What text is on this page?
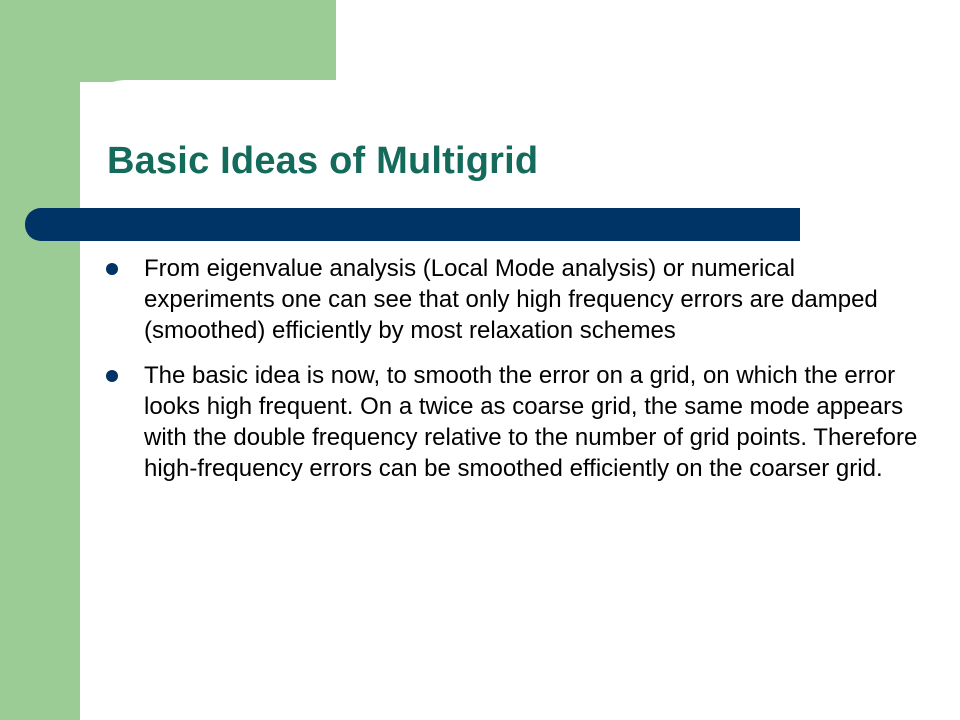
Basic Ideas of Multigrid
From eigenvalue analysis (Local Mode analysis) or numerical experiments one can see that only high frequency errors are damped (smoothed) efficiently by most relaxation schemes
The basic idea is now, to smooth the error on a grid, on which the error looks high frequent. On a twice as coarse grid, the same mode appears with the double frequency relative to the number of grid points. Therefore high-frequency errors can be smoothed efficiently on the coarser grid.
